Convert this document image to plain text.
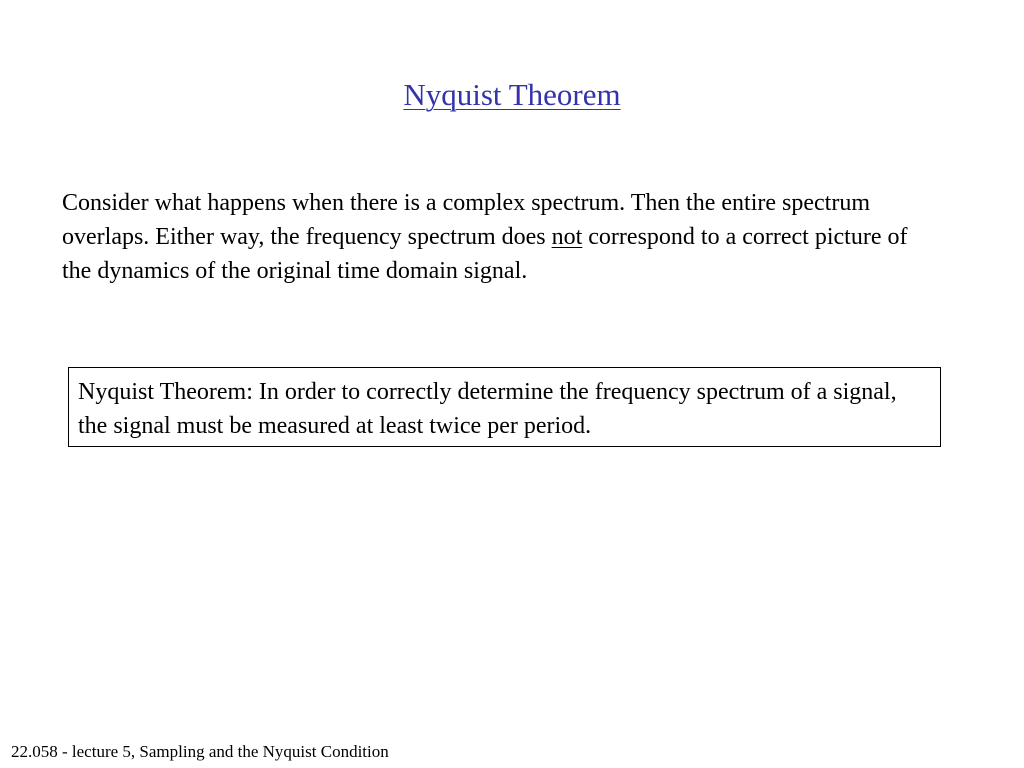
Nyquist Theorem

Consider what happens when there is a complex spectrum. Then the entire spectrum overlaps. Either way, the frequency spectrum does not correspond to a correct picture of the dynamics of the original time domain signal.

Nyquist Theorem: In order to correctly determine the frequency spectrum of a signal, the signal must be measured at least twice per period.
22.058 - lecture 5, Sampling and the Nyquist Condition
